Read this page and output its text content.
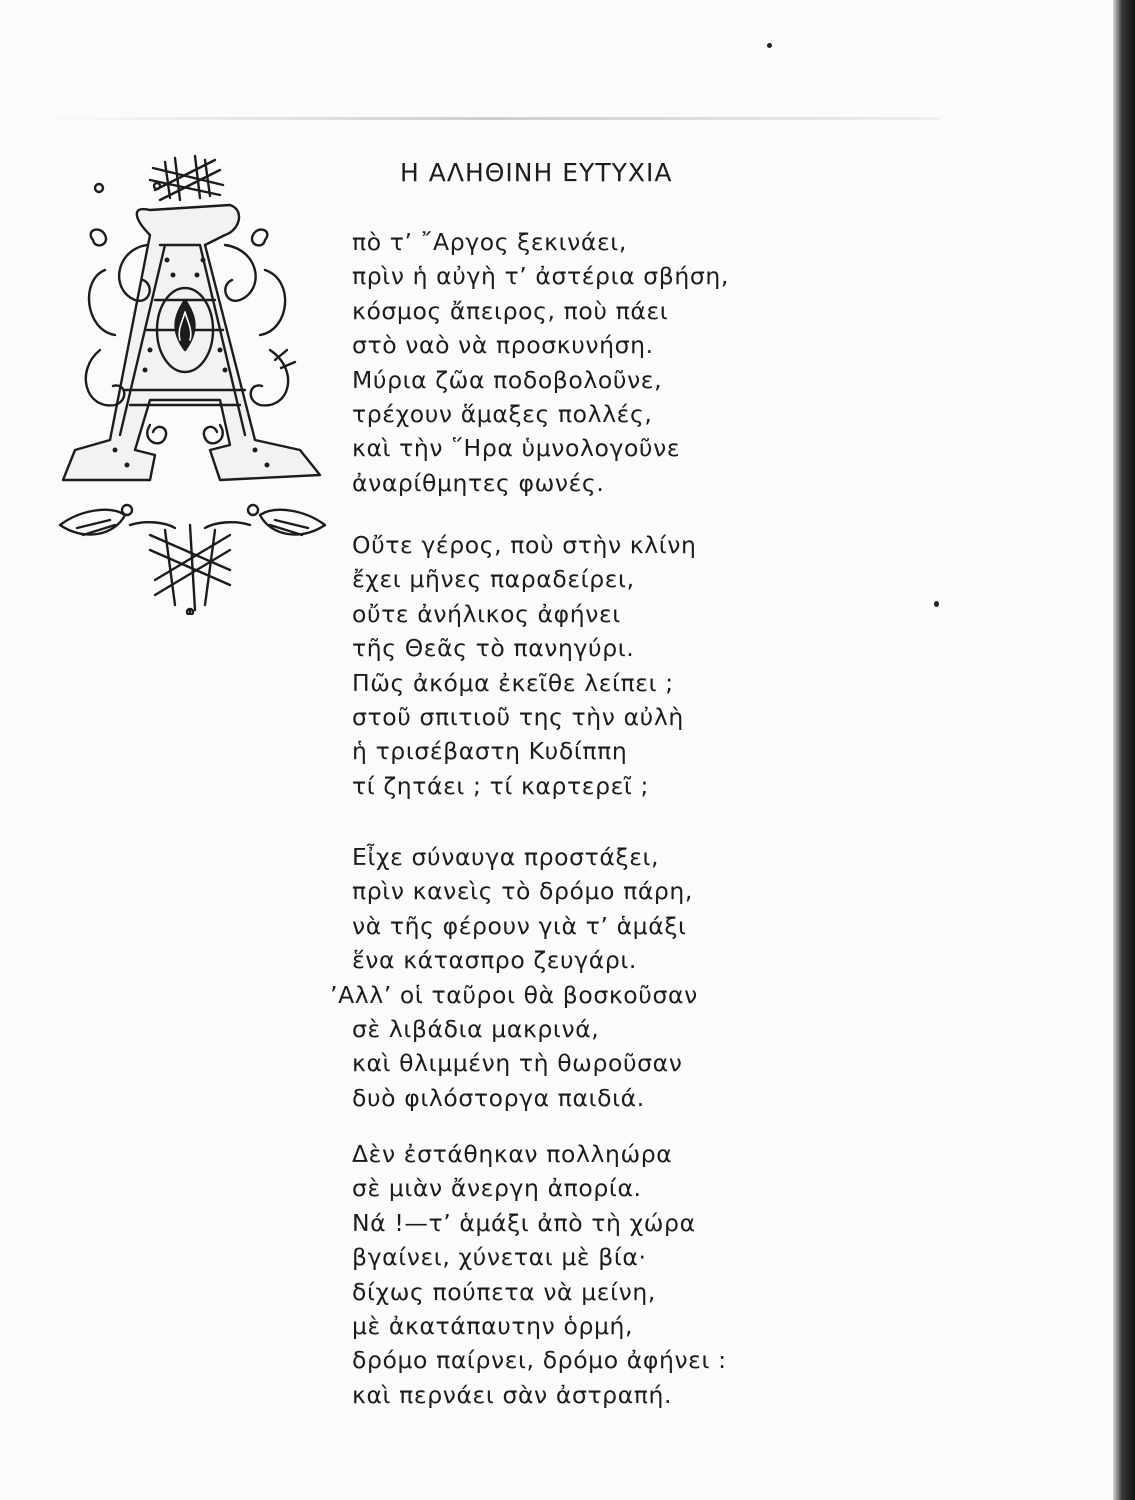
Η ΑΛΗΘΙΝΗ ΕΥΤΥΧΙΑ
πὸ τ’ ῎Αργος ξεκινάει,
πρὶν ἡ αὐγὴ τ’ ἀστέρια σβήση,
κόσμος ἄπειρος, ποὺ πάει
στὸ ναὸ νὰ προσκυνήση.
Μύρια ζῶα ποδοβολοῦνε,
τρέχουν ἅμαξες πολλές,
καὶ τὴν ῞Ηρα ὑμνολογοῦνε
ἀναρίθμητες φωνές.
Οὔτε γέρος, ποὺ στὴν κλίνη
ἔχει μῆνες παραδείρει,
οὔτε ἀνήλικος ἀφήνει
τῆς Θεᾶς τὸ πανηγύρι.
Πῶς ἀκόμα ἐκεῖθε λείπει ;
στοῦ σπιτιοῦ της τὴν αὐλὴ
ἡ τρισέβαστη Κυδίππη
τί ζητάει ; τί καρτερεῖ ;
Εἶχε σύναυγα προστάξει,
πρὶν κανεὶς τὸ δρόμο πάρη,
νὰ τῆς φέρουν γιὰ τ’ ἁμάξι
ἕνα κάτασπρο ζευγάρι.
’Αλλ’ οἱ ταῦροι θὰ βοσκοῦσαν
σὲ λιβάδια μακρινά,
καὶ θλιμμένη τὴ θωροῦσαν
δυὸ φιλόστοργα παιδιά.
Δὲν ἐστάθηκαν πολληώρα
σὲ μιὰν ἄνεργη ἀπορία.
Νά !—τ’ ἁμάξι ἀπὸ τὴ χώρα
βγαίνει, χύνεται μὲ βία·
δίχως πούπετα νὰ μείνη,
μὲ ἀκατάπαυτην ὁρμή,
δρόμο παίρνει, δρόμο ἀφήνει :
καὶ περνάει σὰν ἀστραπή.
